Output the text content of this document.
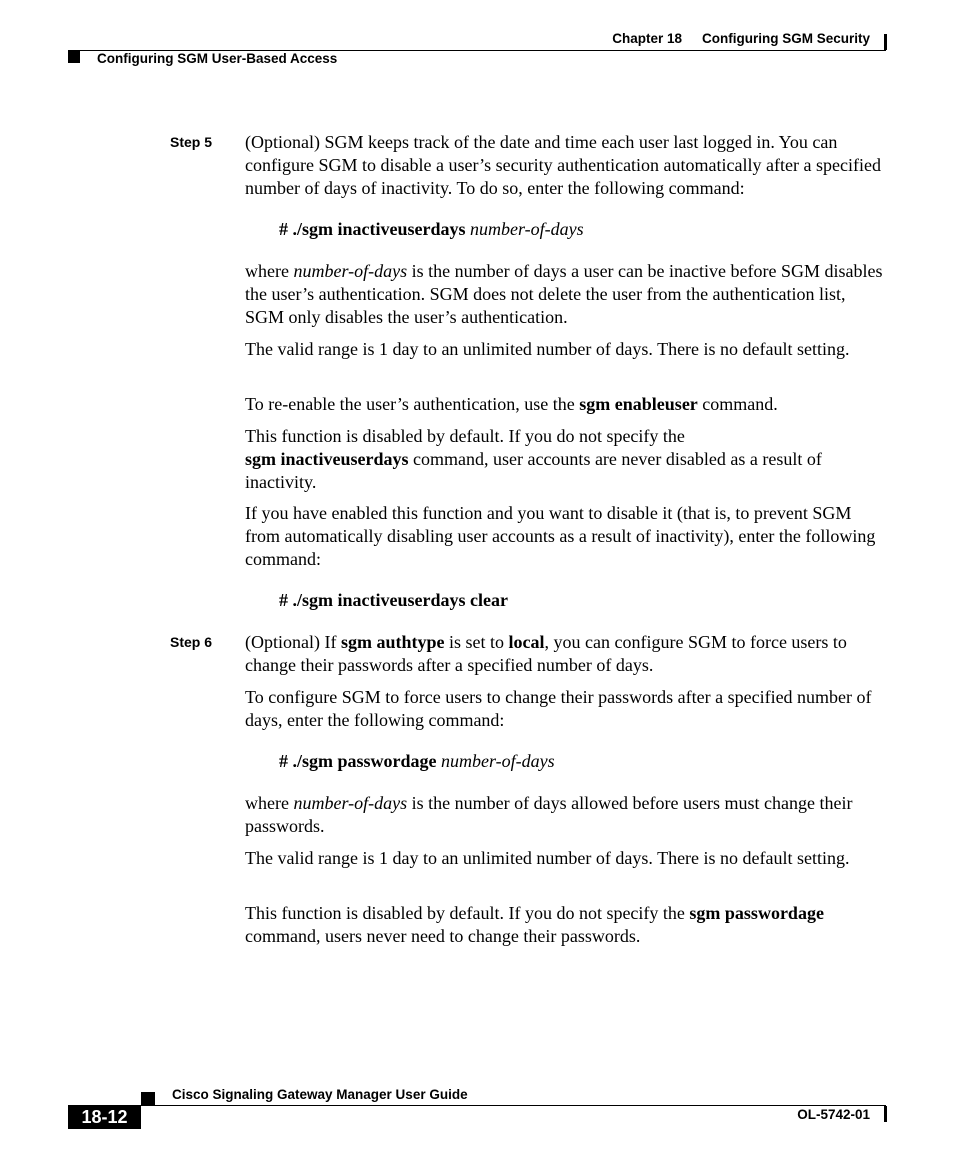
Chapter 18 Configuring SGM Security
Configuring SGM User-Based Access
Step 5 (Optional) SGM keeps track of the date and time each user last logged in. You can configure SGM to disable a user’s security authentication automatically after a specified number of days of inactivity. To do so, enter the following command:
# ./sgm inactiveuserdays number-of-days
where number-of-days is the number of days a user can be inactive before SGM disables the user’s authentication. SGM does not delete the user from the authentication list, SGM only disables the user’s authentication.
The valid range is 1 day to an unlimited number of days. There is no default setting.
To re-enable the user’s authentication, use the sgm enableuser command.
This function is disabled by default. If you do not specify the
sgm inactiveuserdays command, user accounts are never disabled as a result of inactivity.
If you have enabled this function and you want to disable it (that is, to prevent SGM from automatically disabling user accounts as a result of inactivity), enter the following command:
# ./sgm inactiveuserdays clear
Step 6 (Optional) If sgm authtype is set to local, you can configure SGM to force users to change their passwords after a specified number of days.
To configure SGM to force users to change their passwords after a specified number of days, enter the following command:
# ./sgm passwordage number-of-days
where number-of-days is the number of days allowed before users must change their passwords.
The valid range is 1 day to an unlimited number of days. There is no default setting.
This function is disabled by default. If you do not specify the sgm passwordage command, users never need to change their passwords.
Cisco Signaling Gateway Manager User Guide
18-12	OL-5742-01
